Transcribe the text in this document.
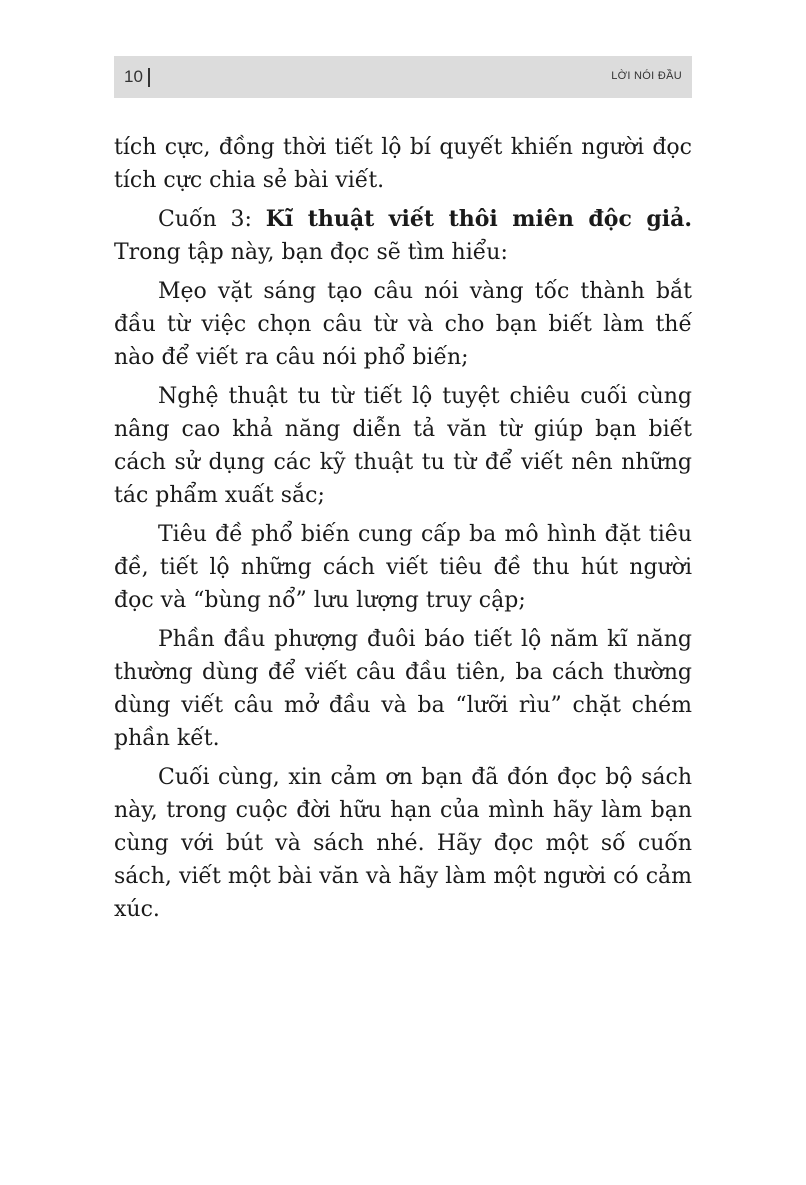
10	LỜI NÓI ĐẦU

tích cực, đồng thời tiết lộ bí quyết khiến người đọc tích cực chia sẻ bài viết.

Cuốn 3: Kĩ thuật viết thôi miên độc giả. Trong tập này, bạn đọc sẽ tìm hiểu:

Mẹo vặt sáng tạo câu nói vàng tốc thành bắt đầu từ việc chọn câu từ và cho bạn biết làm thế nào để viết ra câu nói phổ biến;

Nghệ thuật tu từ tiết lộ tuyệt chiêu cuối cùng nâng cao khả năng diễn tả văn từ giúp bạn biết cách sử dụng các kỹ thuật tu từ để viết nên những tác phẩm xuất sắc;

Tiêu đề phổ biến cung cấp ba mô hình đặt tiêu đề, tiết lộ những cách viết tiêu đề thu hút người đọc và “bùng nổ” lưu lượng truy cập;

Phần đầu phượng đuôi báo tiết lộ năm kĩ năng thường dùng để viết câu đầu tiên, ba cách thường dùng viết câu mở đầu và ba “lưỡi rìu” chặt chém phần kết.

Cuối cùng, xin cảm ơn bạn đã đón đọc bộ sách này, trong cuộc đời hữu hạn của mình hãy làm bạn cùng với bút và sách nhé. Hãy đọc một số cuốn sách, viết một bài văn và hãy làm một người có cảm xúc.
